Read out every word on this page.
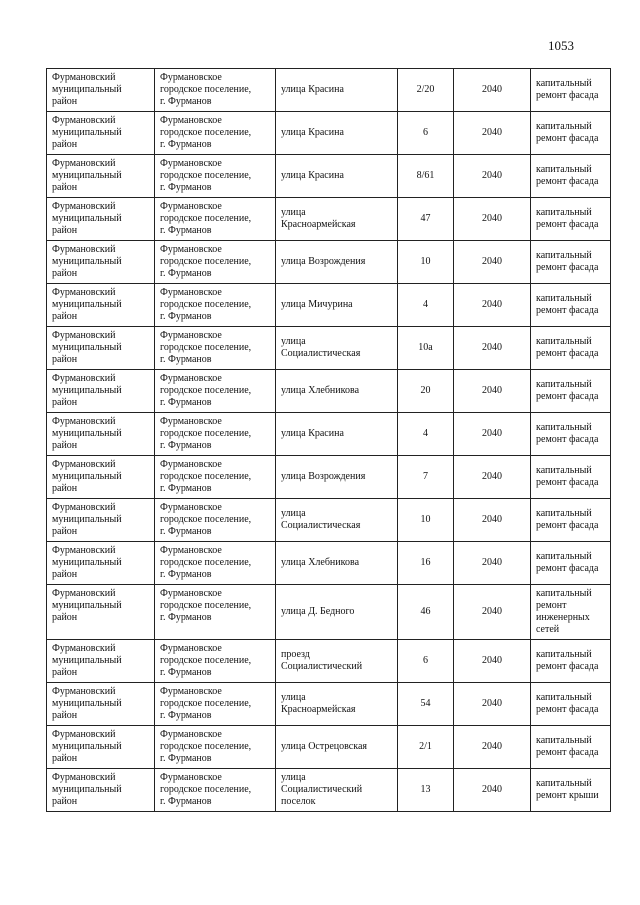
1053
Фурмановский
муниципальный
район	Фурмановское
городское поселение,
г. Фурманов	улица Красина	2/20	2040	капитальный
ремонт фасада

Фурмановский
муниципальный
район	Фурмановское
городское поселение,
г. Фурманов	улица Красина	6	2040	капитальный
ремонт фасада

Фурмановский
муниципальный
район	Фурмановское
городское поселение,
г. Фурманов	улица Красина	8/61	2040	капитальный
ремонт фасада

Фурмановский
муниципальный
район	Фурмановское
городское поселение,
г. Фурманов	улица
Красноармейская	47	2040	капитальный
ремонт фасада

Фурмановский
муниципальный
район	Фурмановское
городское поселение,
г. Фурманов	улица Возрождения	10	2040	капитальный
ремонт фасада

Фурмановский
муниципальный
район	Фурмановское
городское поселение,
г. Фурманов	улица Мичурина	4	2040	капитальный
ремонт фасада

Фурмановский
муниципальный
район	Фурмановское
городское поселение,
г. Фурманов	улица
Социалистическая	10а	2040	капитальный
ремонт фасада

Фурмановский
муниципальный
район	Фурмановское
городское поселение,
г. Фурманов	улица Хлебникова	20	2040	капитальный
ремонт фасада

Фурмановский
муниципальный
район	Фурмановское
городское поселение,
г. Фурманов	улица Красина	4	2040	капитальный
ремонт фасада

Фурмановский
муниципальный
район	Фурмановское
городское поселение,
г. Фурманов	улица Возрождения	7	2040	капитальный
ремонт фасада

Фурмановский
муниципальный
район	Фурмановское
городское поселение,
г. Фурманов	улица
Социалистическая	10	2040	капитальный
ремонт фасада

Фурмановский
муниципальный
район	Фурмановское
городское поселение,
г. Фурманов	улица Хлебникова	16	2040	капитальный
ремонт фасада

Фурмановский
муниципальный
район	Фурмановское
городское поселение,
г. Фурманов	улица Д. Бедного	46	2040	капитальный
ремонт
инженерных
сетей

Фурмановский
муниципальный
район	Фурмановское
городское поселение,
г. Фурманов	проезд
Социалистический	6	2040	капитальный
ремонт фасада

Фурмановский
муниципальный
район	Фурмановское
городское поселение,
г. Фурманов	улица
Красноармейская	54	2040	капитальный
ремонт фасада

Фурмановский
муниципальный
район	Фурмановское
городское поселение,
г. Фурманов	улица Острецовская	2/1	2040	капитальный
ремонт фасада

Фурмановский
муниципальный
район	Фурмановское
городское поселение,
г. Фурманов	улица
Социалистический
поселок	13	2040	капитальный
ремонт крыши
